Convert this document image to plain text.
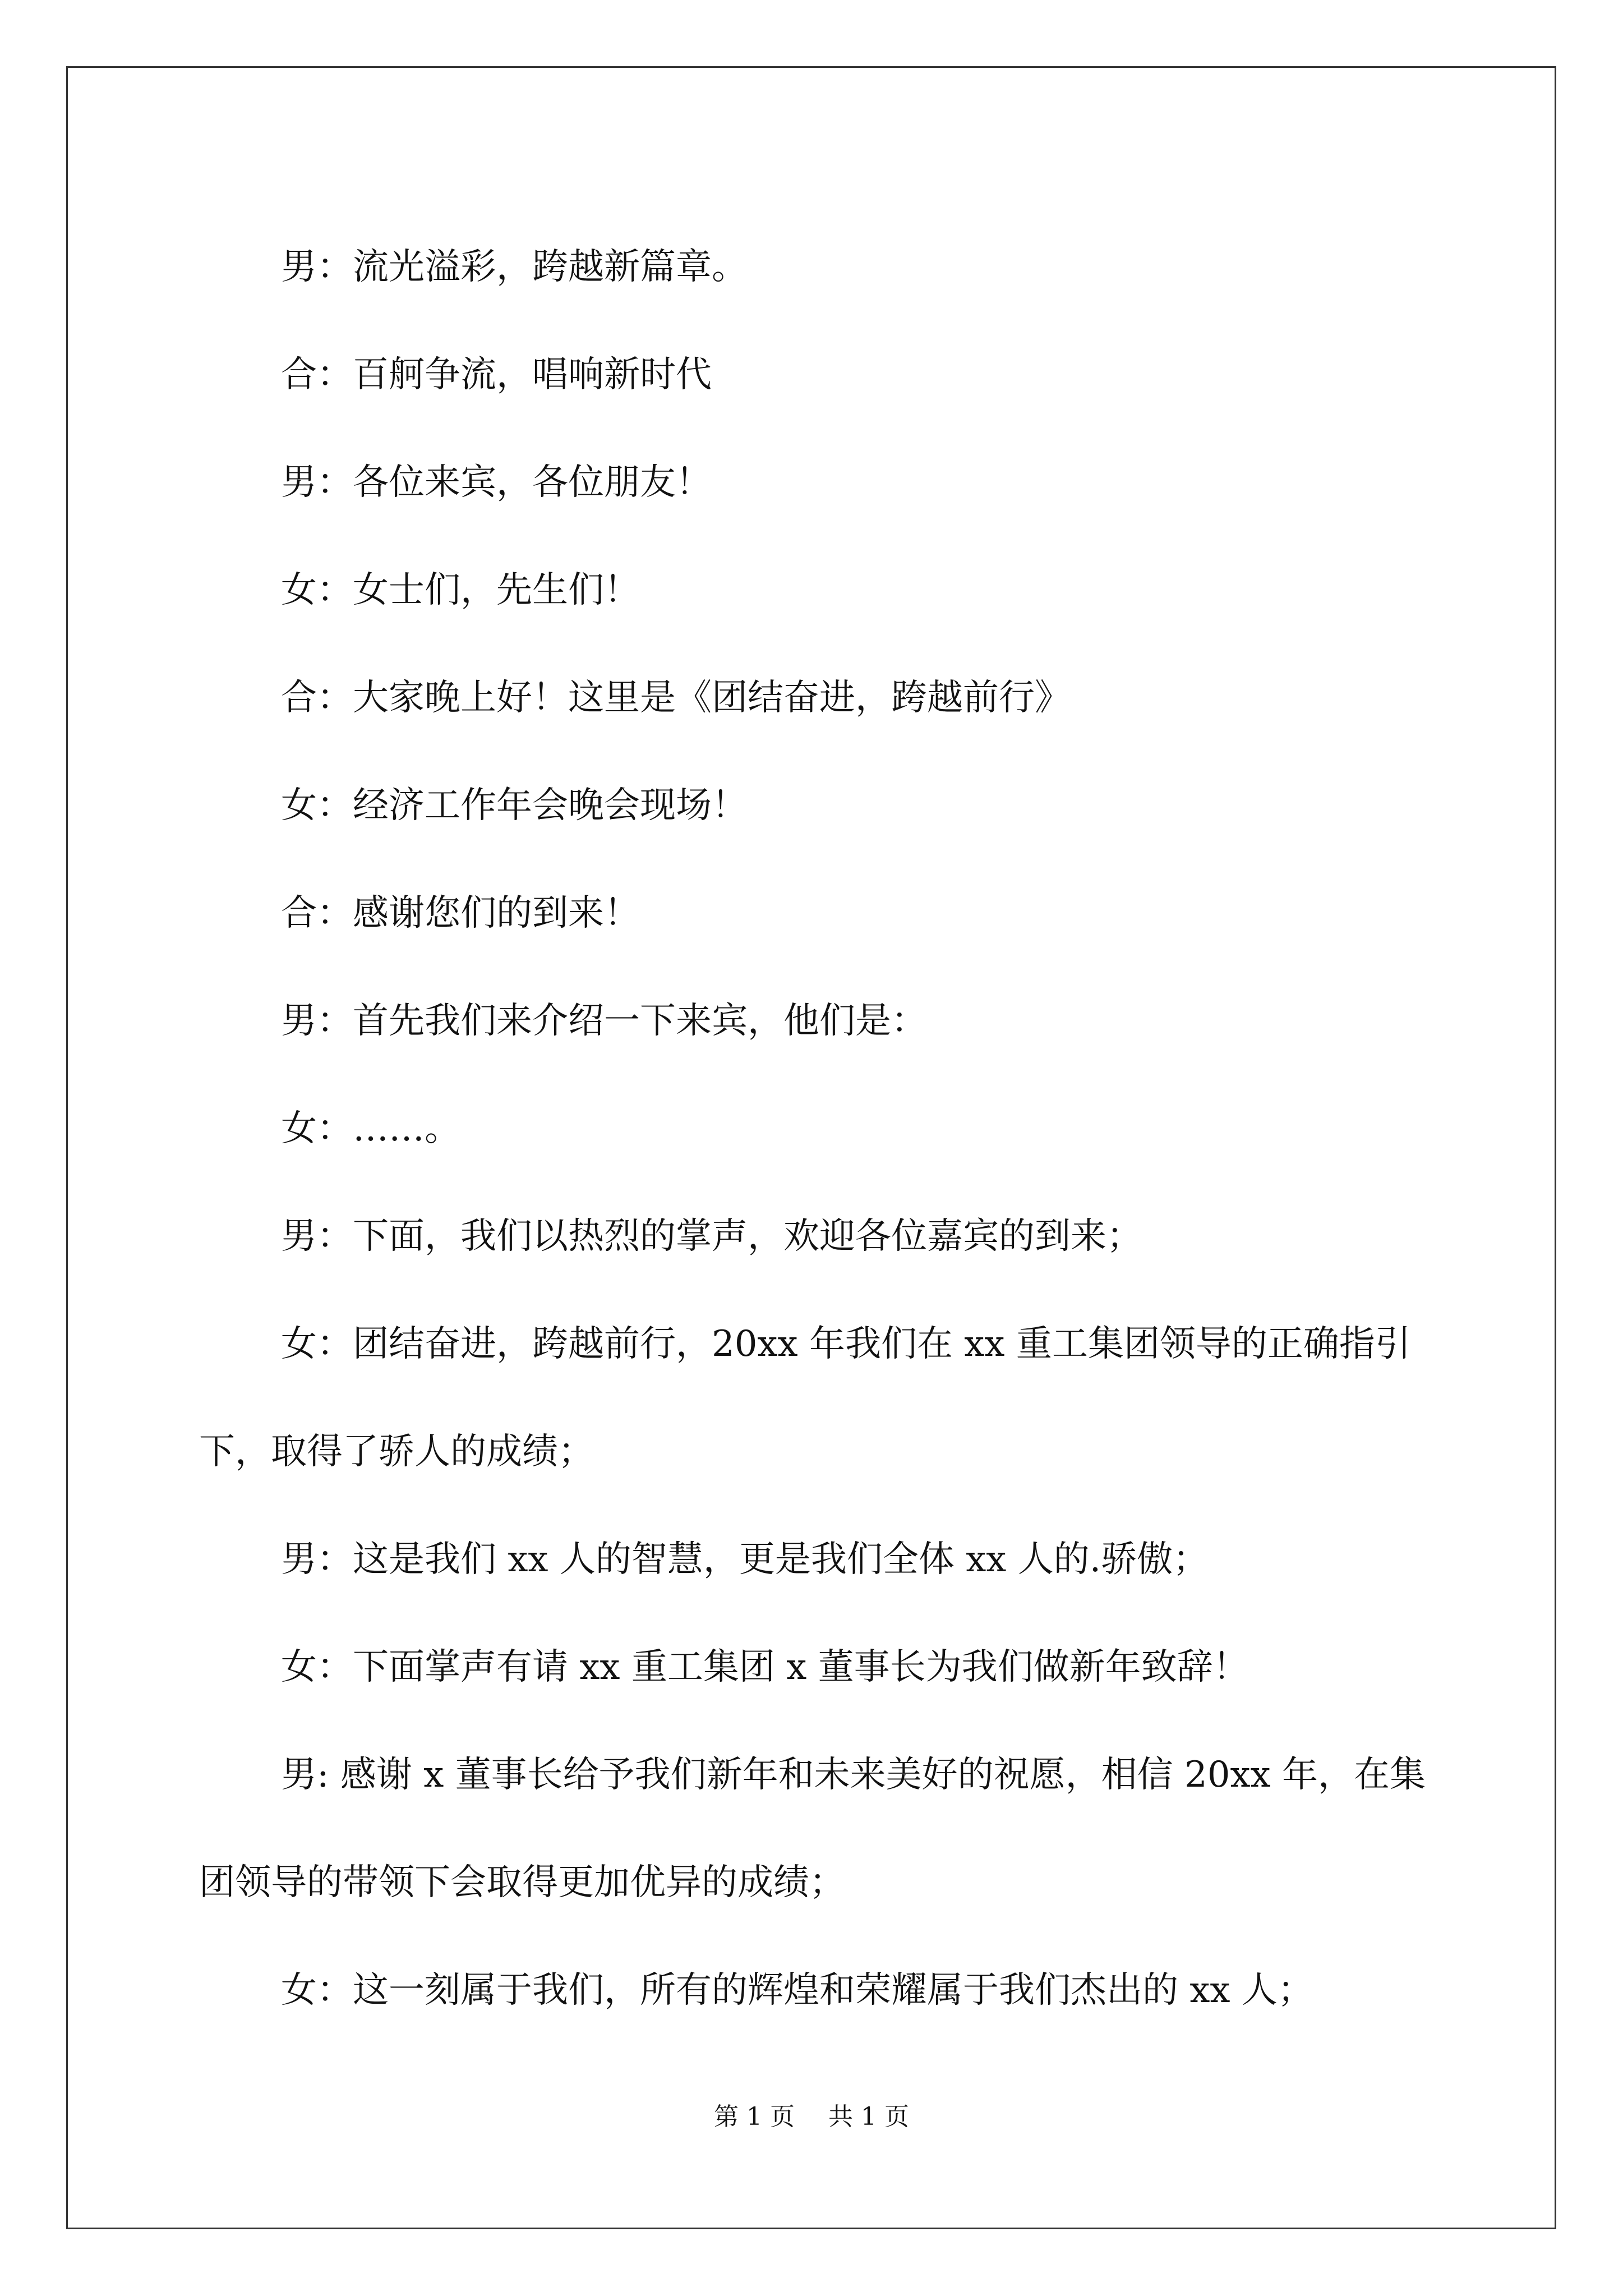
男：流光溢彩，跨越新篇章。

合：百舸争流，唱响新时代

男：各位来宾，各位朋友！

女：女士们，先生们！

合：大家晚上好！这里是《团结奋进，跨越前行》

女：经济工作年会晚会现场！

合：感谢您们的到来！

男：首先我们来介绍一下来宾，他们是：

女：……。

男：下面，我们以热烈的掌声，欢迎各位嘉宾的到来；

女：团结奋进，跨越前行，20xx 年我们在 xx 重工集团领导的正确指引下，取得了骄人的成绩；

男：这是我们 xx 人的智慧，更是我们全体 xx 人的.骄傲；

女：下面掌声有请 xx 重工集团 x 董事长为我们做新年致辞！

男: 感谢 x 董事长给予我们新年和未来美好的祝愿，相信 20xx 年，在集团领导的带领下会取得更加优异的成绩；

女：这一刻属于我们，所有的辉煌和荣耀属于我们杰出的 xx 人；

第 1 页 共 1 页
